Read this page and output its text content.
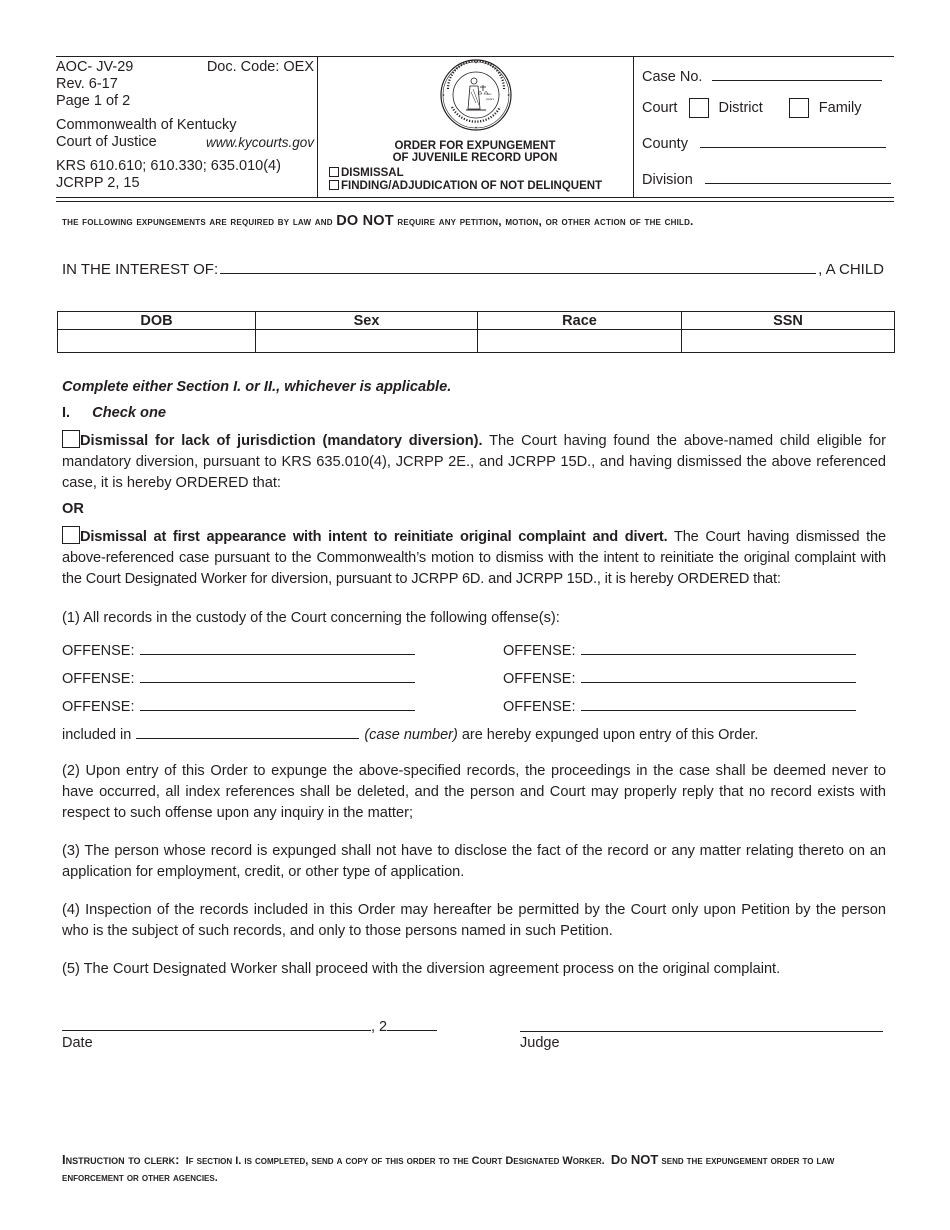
AOC- JV-29	Doc. Code: OEX
Rev. 6-17
Page 1 of 2
Commonwealth of Kentucky
Court of Justice	www.kycourts.gov
KRS 610.610; 610.330; 635.010(4)
JCRPP 2, 15
law
justice
ORDER FOR EXPUNGEMENT
OF JUVENILE RECORD UPON
DISMISSAL
FINDING/ADJUDICATION OF NOT DELINQUENT
Case No.
Court	District	Family
County
Division
the following expungements are required by law and DO NOT require any petition, motion, or other action of the child.
IN THE INTEREST OF:	, A CHILD
DOB	Sex	Race	SSN

Complete either Section I. or II., whichever is applicable.
I. Check one
Dismissal for lack of jurisdiction (mandatory diversion). The Court having found the above-named child eligible for mandatory diversion, pursuant to KRS 635.010(4), JCRPP 2E., and JCRPP 15D., and having dismissed the above referenced case, it is hereby ORDERED that:
OR
Dismissal at first appearance with intent to reinitiate original complaint and divert. The Court having dismissed the above-referenced case pursuant to the Commonwealth’s motion to dismiss with the intent to reinitiate the original complaint with the Court Designated Worker for diversion, pursuant to JCRPP 6D. and JCRPP 15D., it is hereby ORDERED that:
(1) All records in the custody of the Court concerning the following offense(s):
OFFENSE:	OFFENSE:
OFFENSE:	OFFENSE:
OFFENSE:	OFFENSE:
included in	(case number) are hereby expunged upon entry of this Order.
(2) Upon entry of this Order to expunge the above-specified records, the proceedings in the case shall be deemed never to have occurred, all index references shall be deleted, and the person and Court may properly reply that no record exists with respect to such offense upon any inquiry in the matter;
(3) The person whose record is expunged shall not have to disclose the fact of the record or any matter relating thereto on an application for employment, credit, or other type of application.
(4) Inspection of the records included in this Order may hereafter be permitted by the Court only upon Petition by the person who is the subject of such records, and only to those persons named in such Petition.
(5) The Court Designated Worker shall proceed with the diversion agreement process on the original complaint.
, 2
Date	Judge
Instruction to clerk: If section I. is completed, send a copy of this order to the Court Designated Worker. Do NOT send the expungement order to law enforcement or other agencies.
